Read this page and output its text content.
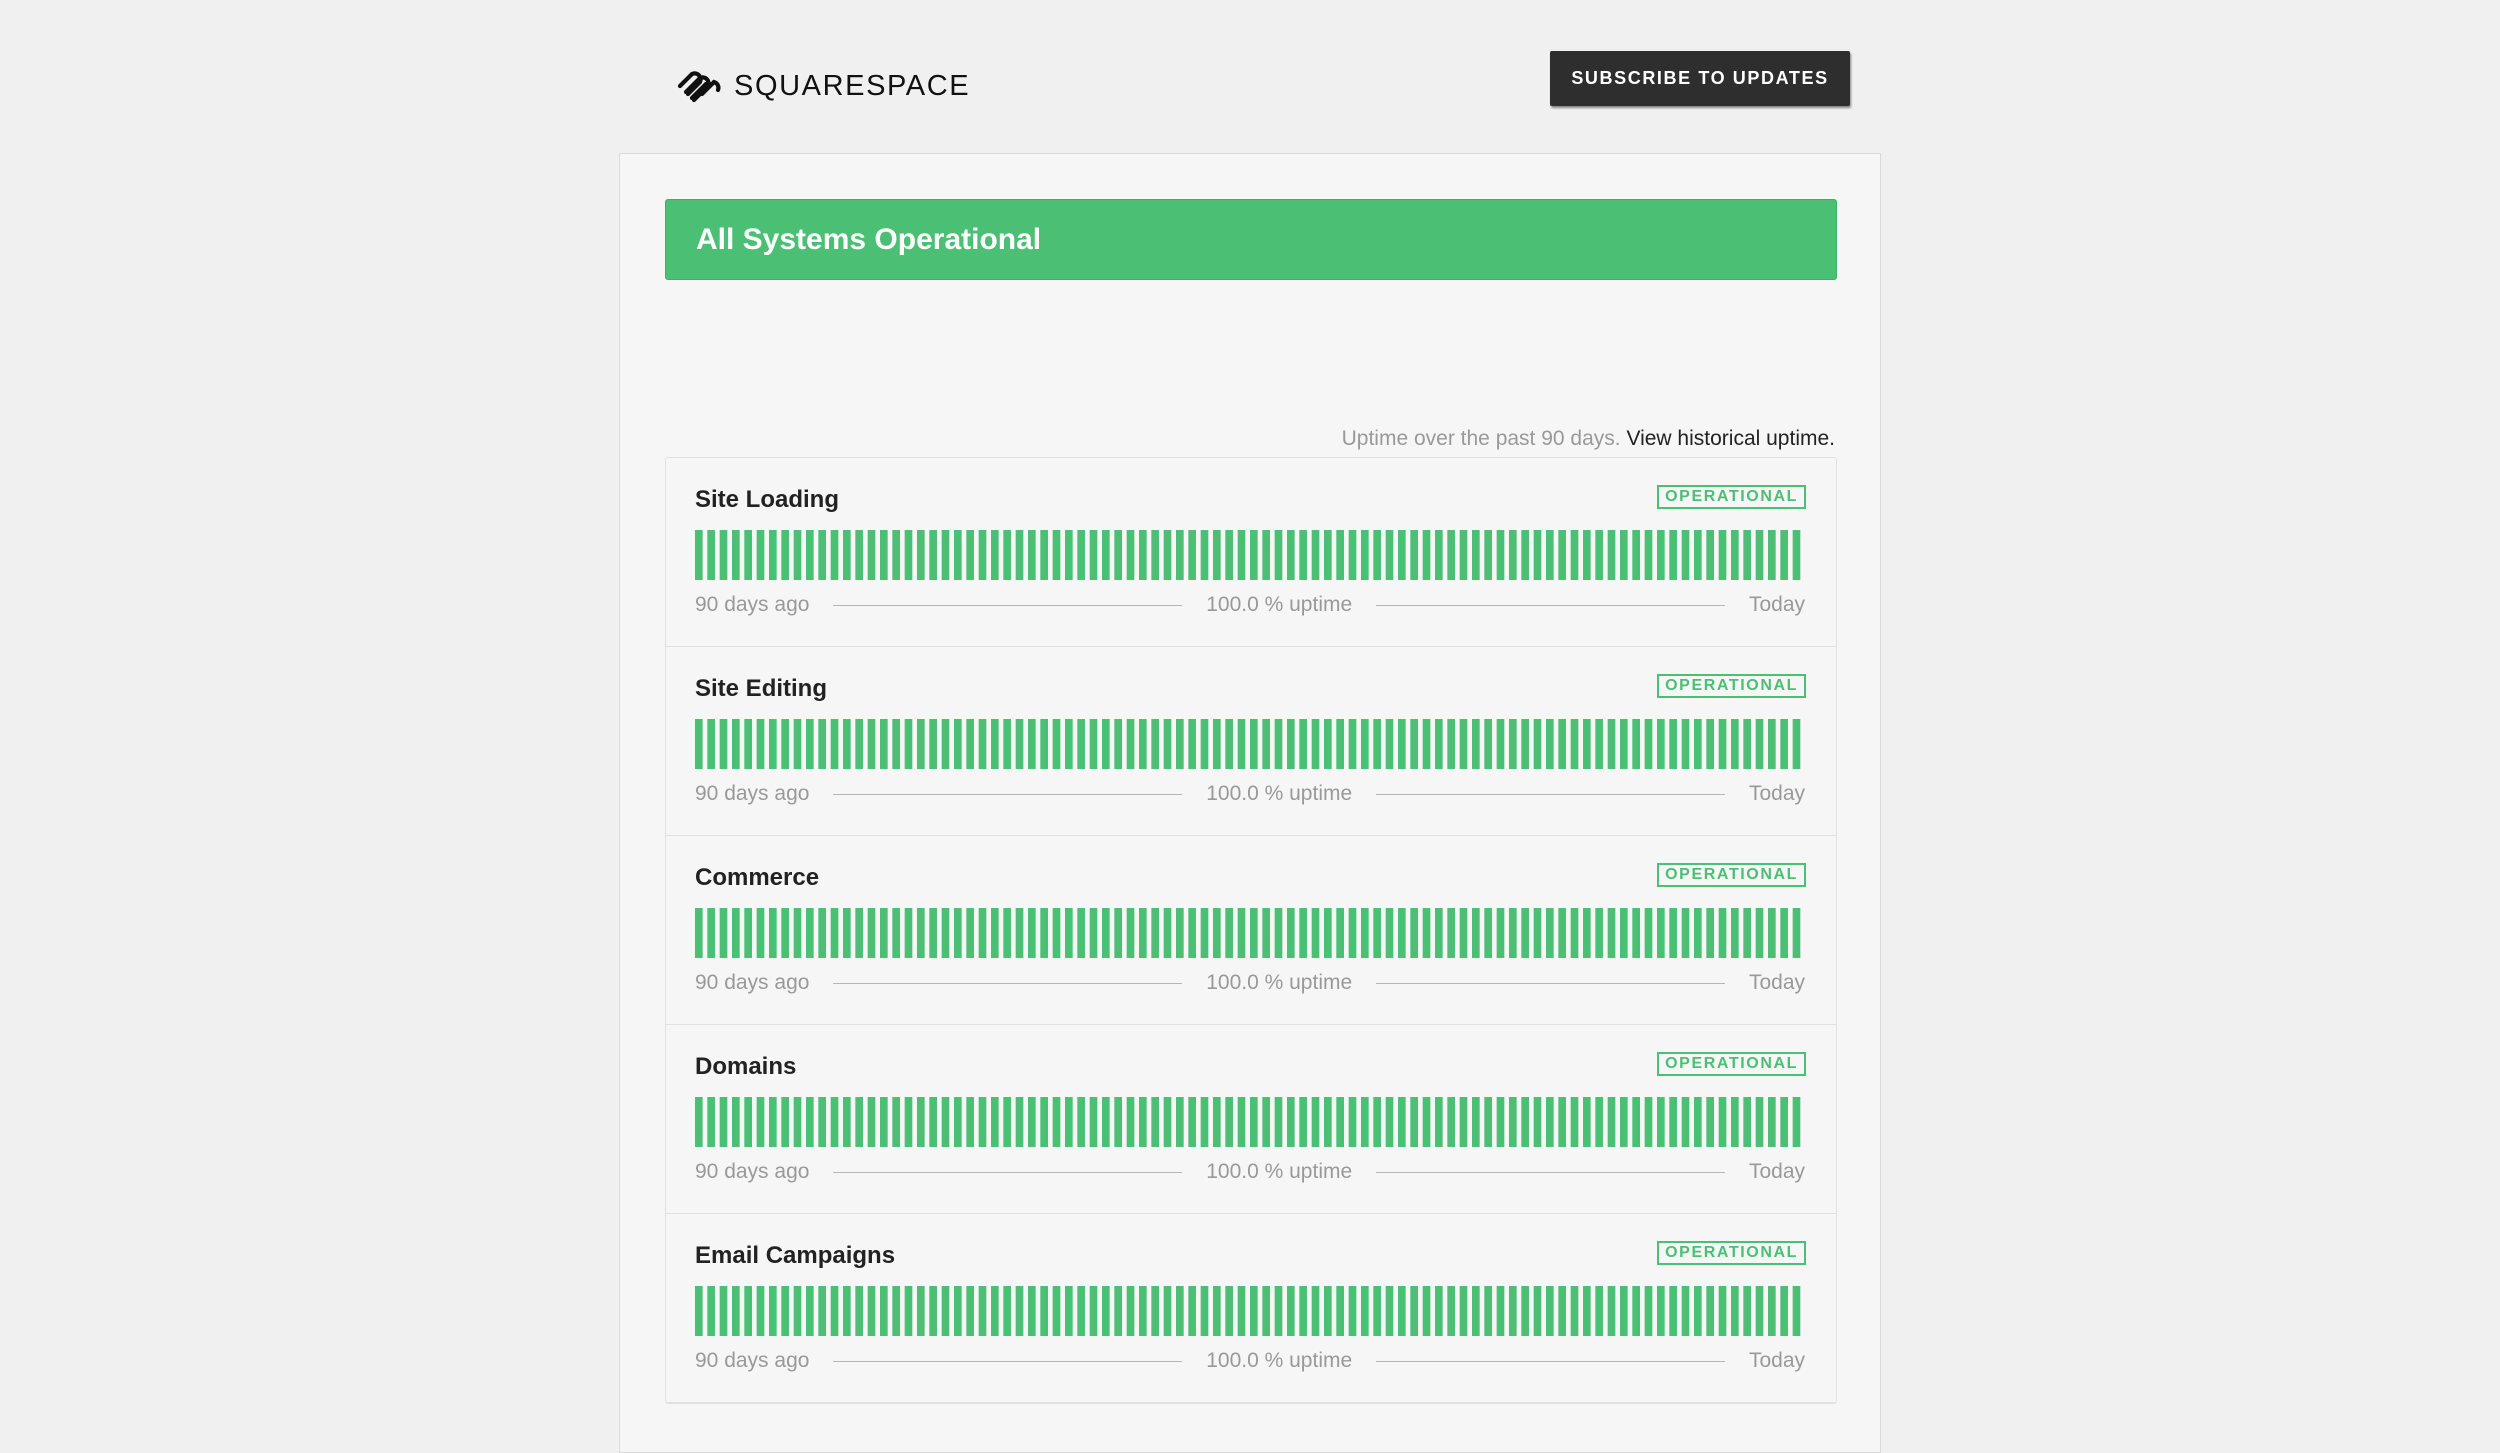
SQUARESPACE	SUBSCRIBE TO UPDATES
All Systems Operational
Uptime over the past 90 days. View historical uptime.
Site Loading	OPERATIONAL
90 days ago	100.0 % uptime	Today
Site Editing	OPERATIONAL
90 days ago	100.0 % uptime	Today
Commerce	OPERATIONAL
90 days ago	100.0 % uptime	Today
Domains	OPERATIONAL
90 days ago	100.0 % uptime	Today
Email Campaigns	OPERATIONAL
90 days ago	100.0 % uptime	Today
